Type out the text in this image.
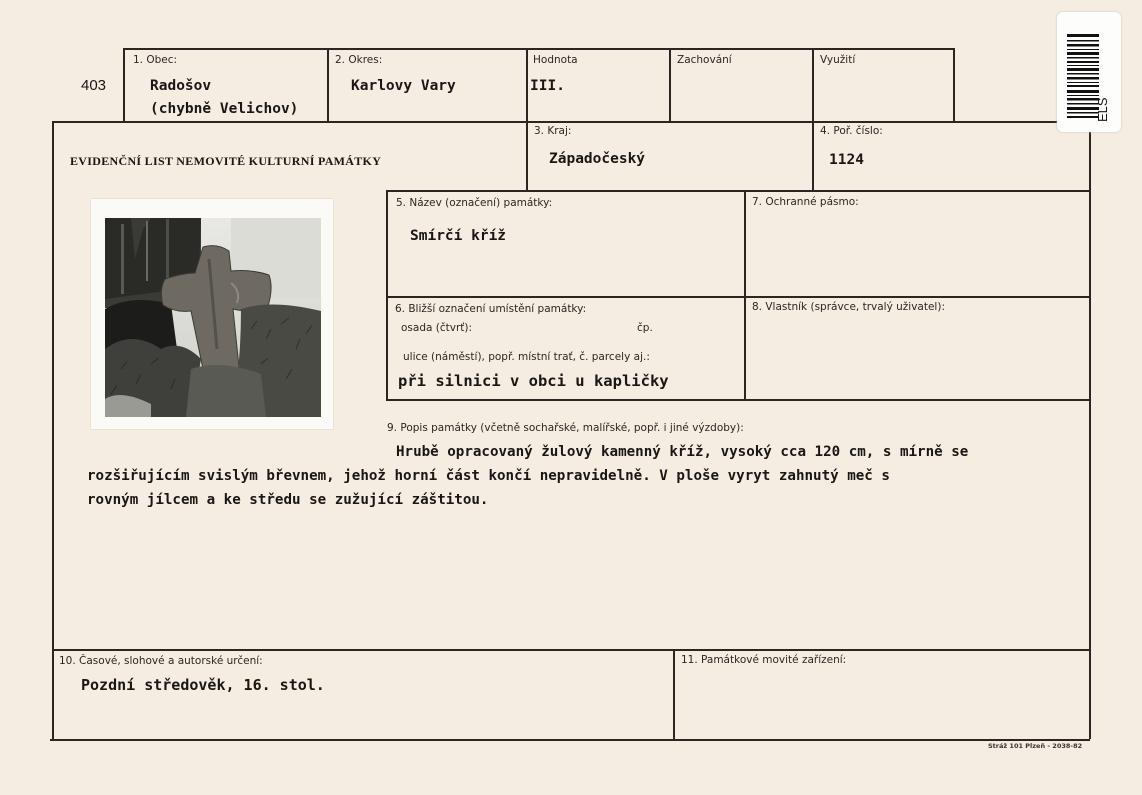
403
1. Obec:
Radošov
(chybně Velichov)
2. Okres:
Karlovy Vary
Hodnota
III.
Zachování	Využití
EVIDENČNÍ LIST NEMOVITÉ KULTURNÍ PAMÁTKY
3. Kraj:
Západočeský
4. Poř. číslo:
1124
5. Název (označení) památky:
Smírčí kříž
7. Ochranné pásmo:
6. Bližší označení umístění památky:
osada (čtvrť):	čp.
ulice (náměstí), popř. místní trať, č. parcely aj.:
při silnici v obci u kapličky
8. Vlastník (správce, trvalý uživatel):
9. Popis památky (včetně sochařské, malířské, popř. i jiné výzdoby):

Hrubě opracovaný žulový kamenný kříž, vysoký cca 120 cm, s mírně se

rozšiřujícím svislým břevnem, jehož horní část končí nepravidelně. V ploše vyryt zahnutý meč s

rovným jílcem a ke středu se zužující záštitou.

10. Časové, slohové a autorské určení:
Pozdní středověk, 16. stol.
11. Památkové movité zařízení:
Stráž 101 Plzeň - 2038-82
ELS
